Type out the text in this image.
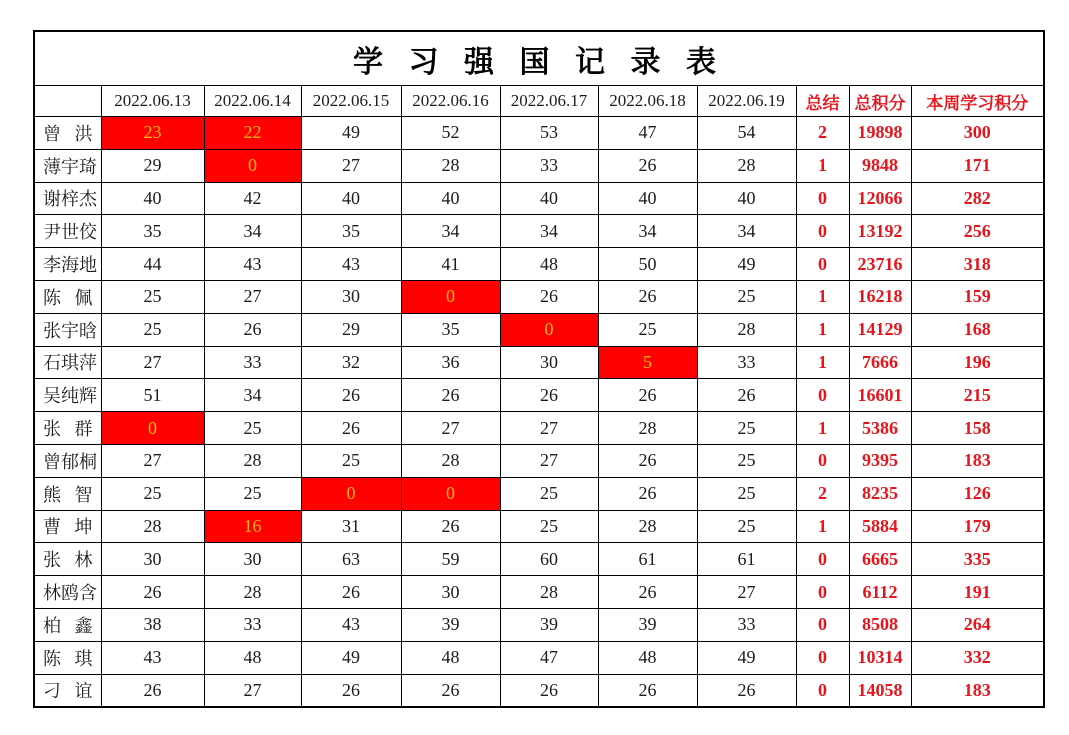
学 习 强 国 记 录 表										
	2022.06.13	2022.06.14	2022.06.15	2022.06.16	2022.06.17	2022.06.18	2022.06.19	总结	总积分	本周学习积分
曾洪	23	22	49	52	53	47	54	2	19898	300
薄宇琦	29	0	27	28	33	26	28	1	9848	171
谢梓杰	40	42	40	40	40	40	40	0	12066	282
尹世佼	35	34	35	34	34	34	34	0	13192	256
李海地	44	43	43	41	48	50	49	0	23716	318
陈佩	25	27	30	0	26	26	25	1	16218	159
张宇晗	25	26	29	35	0	25	28	1	14129	168
石琪萍	27	33	32	36	30	5	33	1	7666	196
吴纯辉	51	34	26	26	26	26	26	0	16601	215
张群	0	25	26	27	27	28	25	1	5386	158
曾郁桐	27	28	25	28	27	26	25	0	9395	183
熊智	25	25	0	0	25	26	25	2	8235	126
曹坤	28	16	31	26	25	28	25	1	5884	179
张林	30	30	63	59	60	61	61	0	6665	335
林鸥含	26	28	26	30	28	26	27	0	6112	191
柏鑫	38	33	43	39	39	39	33	0	8508	264
陈琪	43	48	49	48	47	48	49	0	10314	332
刁谊	26	27	26	26	26	26	26	0	14058	183
